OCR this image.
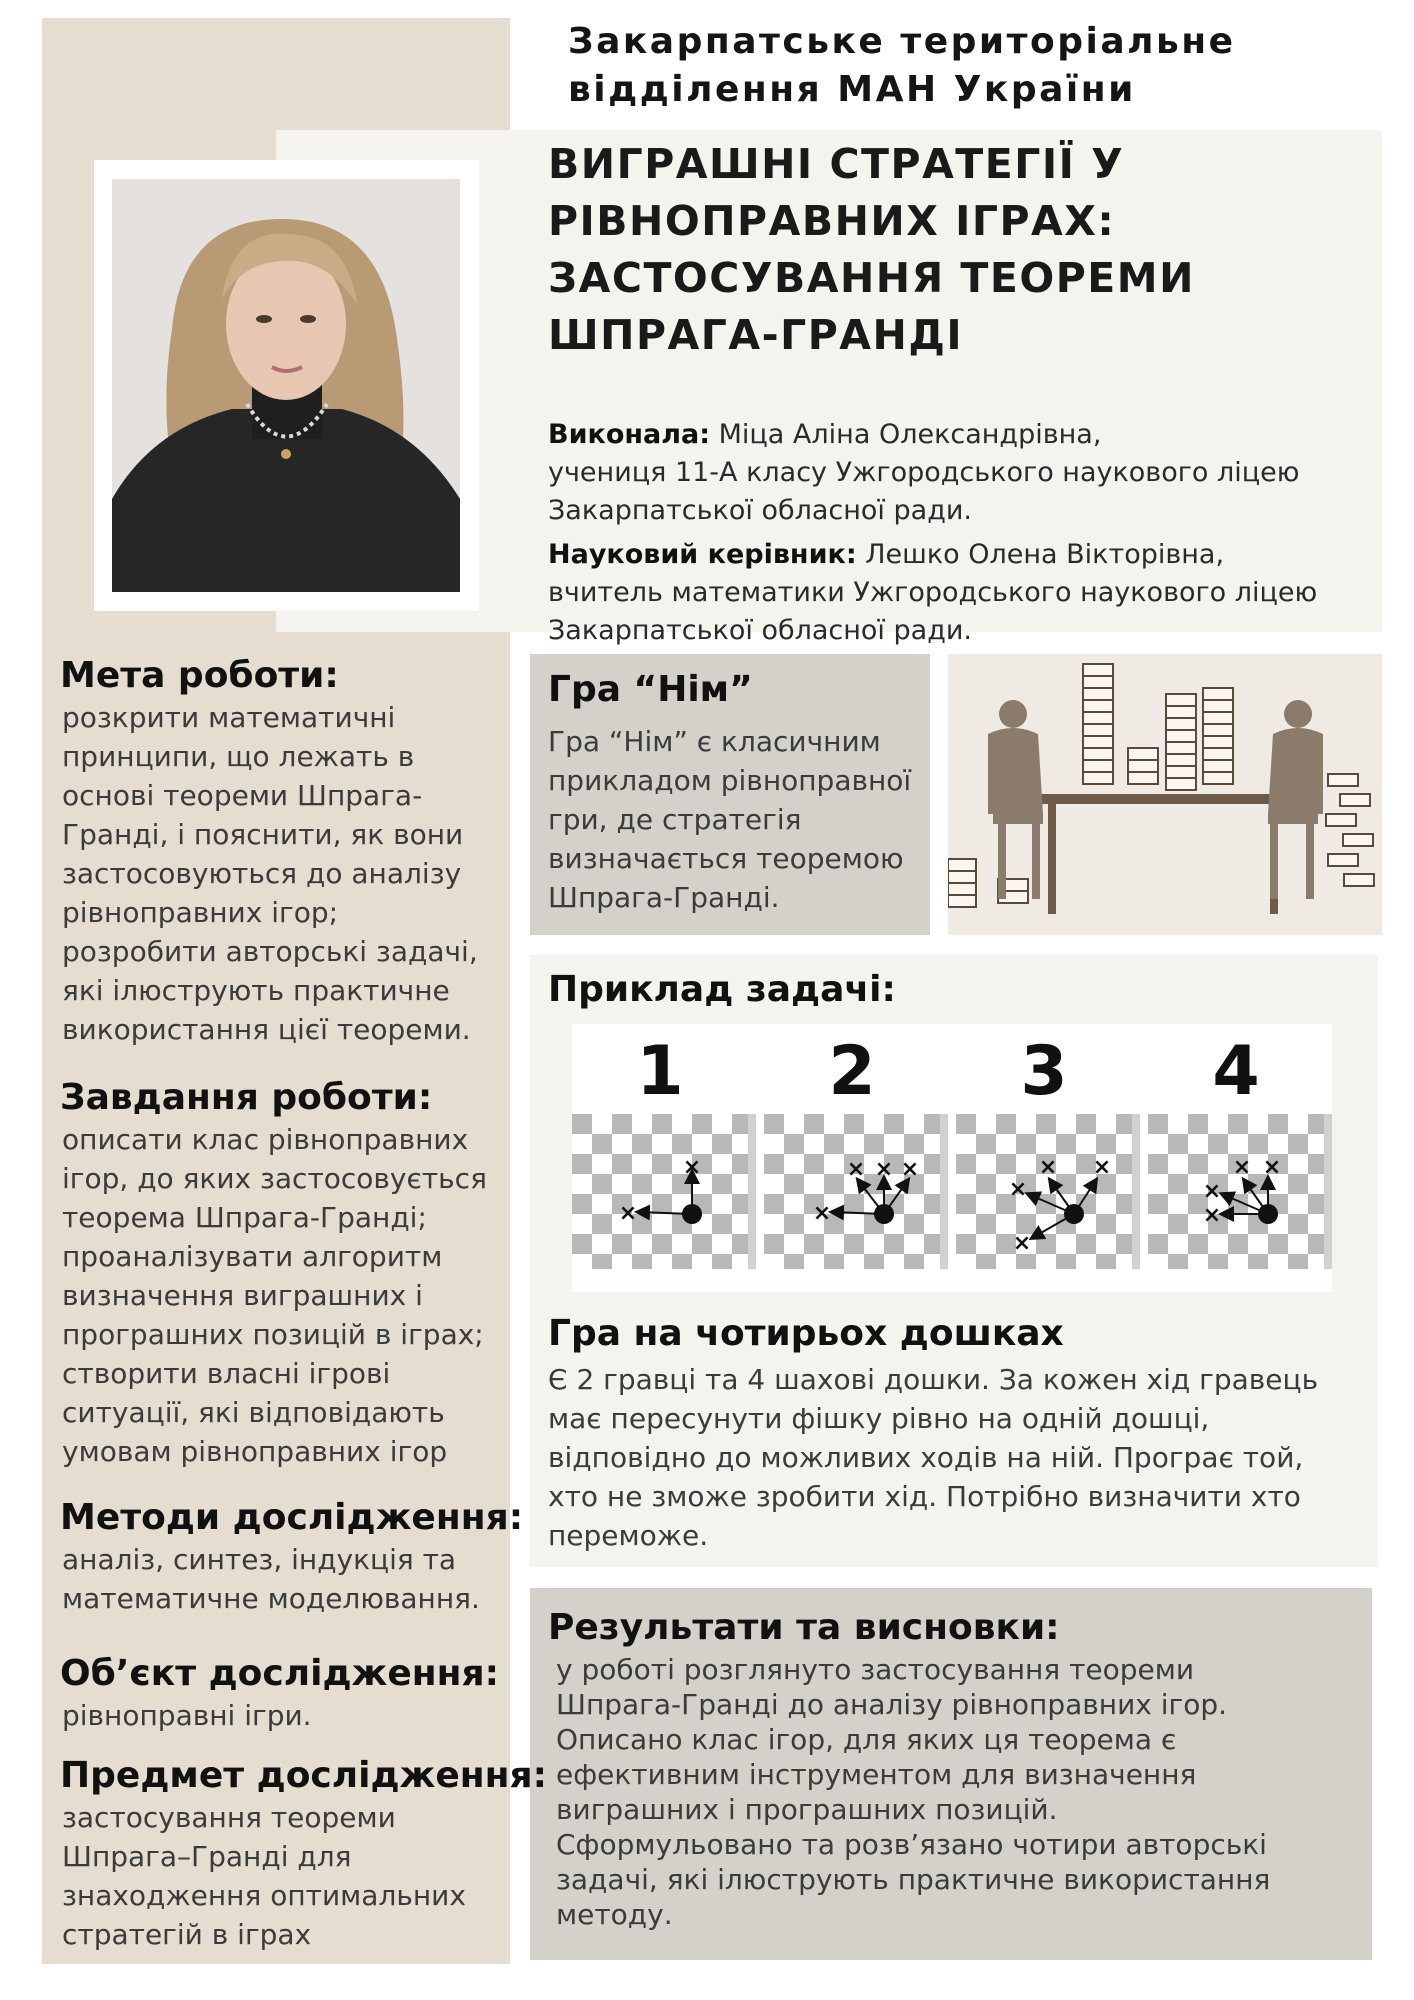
Закарпатське територіальне
відділення МАН України
ВИГРАШНІ СТРАТЕГІЇ У
РІВНОПРАВНИХ ІГРАХ:
ЗАСТОСУВАННЯ ТЕОРЕМИ
ШПРАГА-ГРАНДІ

Виконала: Міца Аліна Олександрівна,
учениця 11-А класу Ужгородського наукового ліцею
Закарпатської обласної ради.

Науковий керівник: Лешко Олена Вікторівна,
вчитель математики Ужгородського наукового ліцею
Закарпатської обласної ради.

Мета роботи:
розкрити математичні
принципи, що лежать в
основі теореми Шпрага-
Гранді, і пояснити, як вони
застосовуються до аналізу
рівноправних ігор;
розробити авторські задачі,
які ілюструють практичне
використання цієї теореми.
Завдання роботи:
описати клас рівноправних
ігор, до яких застосовується
теорема Шпрага-Гранді;
проаналізувати алгоритм
визначення виграшних і
програшних позицій в іграх;
створити власні ігрові
ситуації, які відповідають
умовам рівноправних ігор
Методи дослідження:
аналіз, синтез, індукція та
математичне моделювання.
Об’єкт дослідження:
рівноправні ігри.
Предмет дослідження:
застосування теореми
Шпрага–Гранді для
знаходження оптимальних
стратегій в іграх
Гра “Нім”
Гра “Нім” є класичним
прикладом рівноправної
гри, де стратегія
визначається теоремою
Шпрага-Гранді.
Приклад задачі:
1
×
×
2
×
× × ×
3
×
× ×
×
4
×
×
× ×
Гра на чотирьох дошках
Є 2 гравці та 4 шахові дошки. За кожен хід гравець
має пересунути фішку рівно на одній дошці,
відповідно до можливих ходів на ній. Програє той,
хто не зможе зробити хід. Потрібно визначити хто
переможе.
Результати та висновки:
у роботі розглянуто застосування теореми
Шпрага-Гранді до аналізу рівноправних ігор.
Описано клас ігор, для яких ця теорема є
ефективним інструментом для визначення
виграшних і програшних позицій.
Сформульовано та розв’язано чотири авторські
задачі, які ілюструють практичне використання
методу.
